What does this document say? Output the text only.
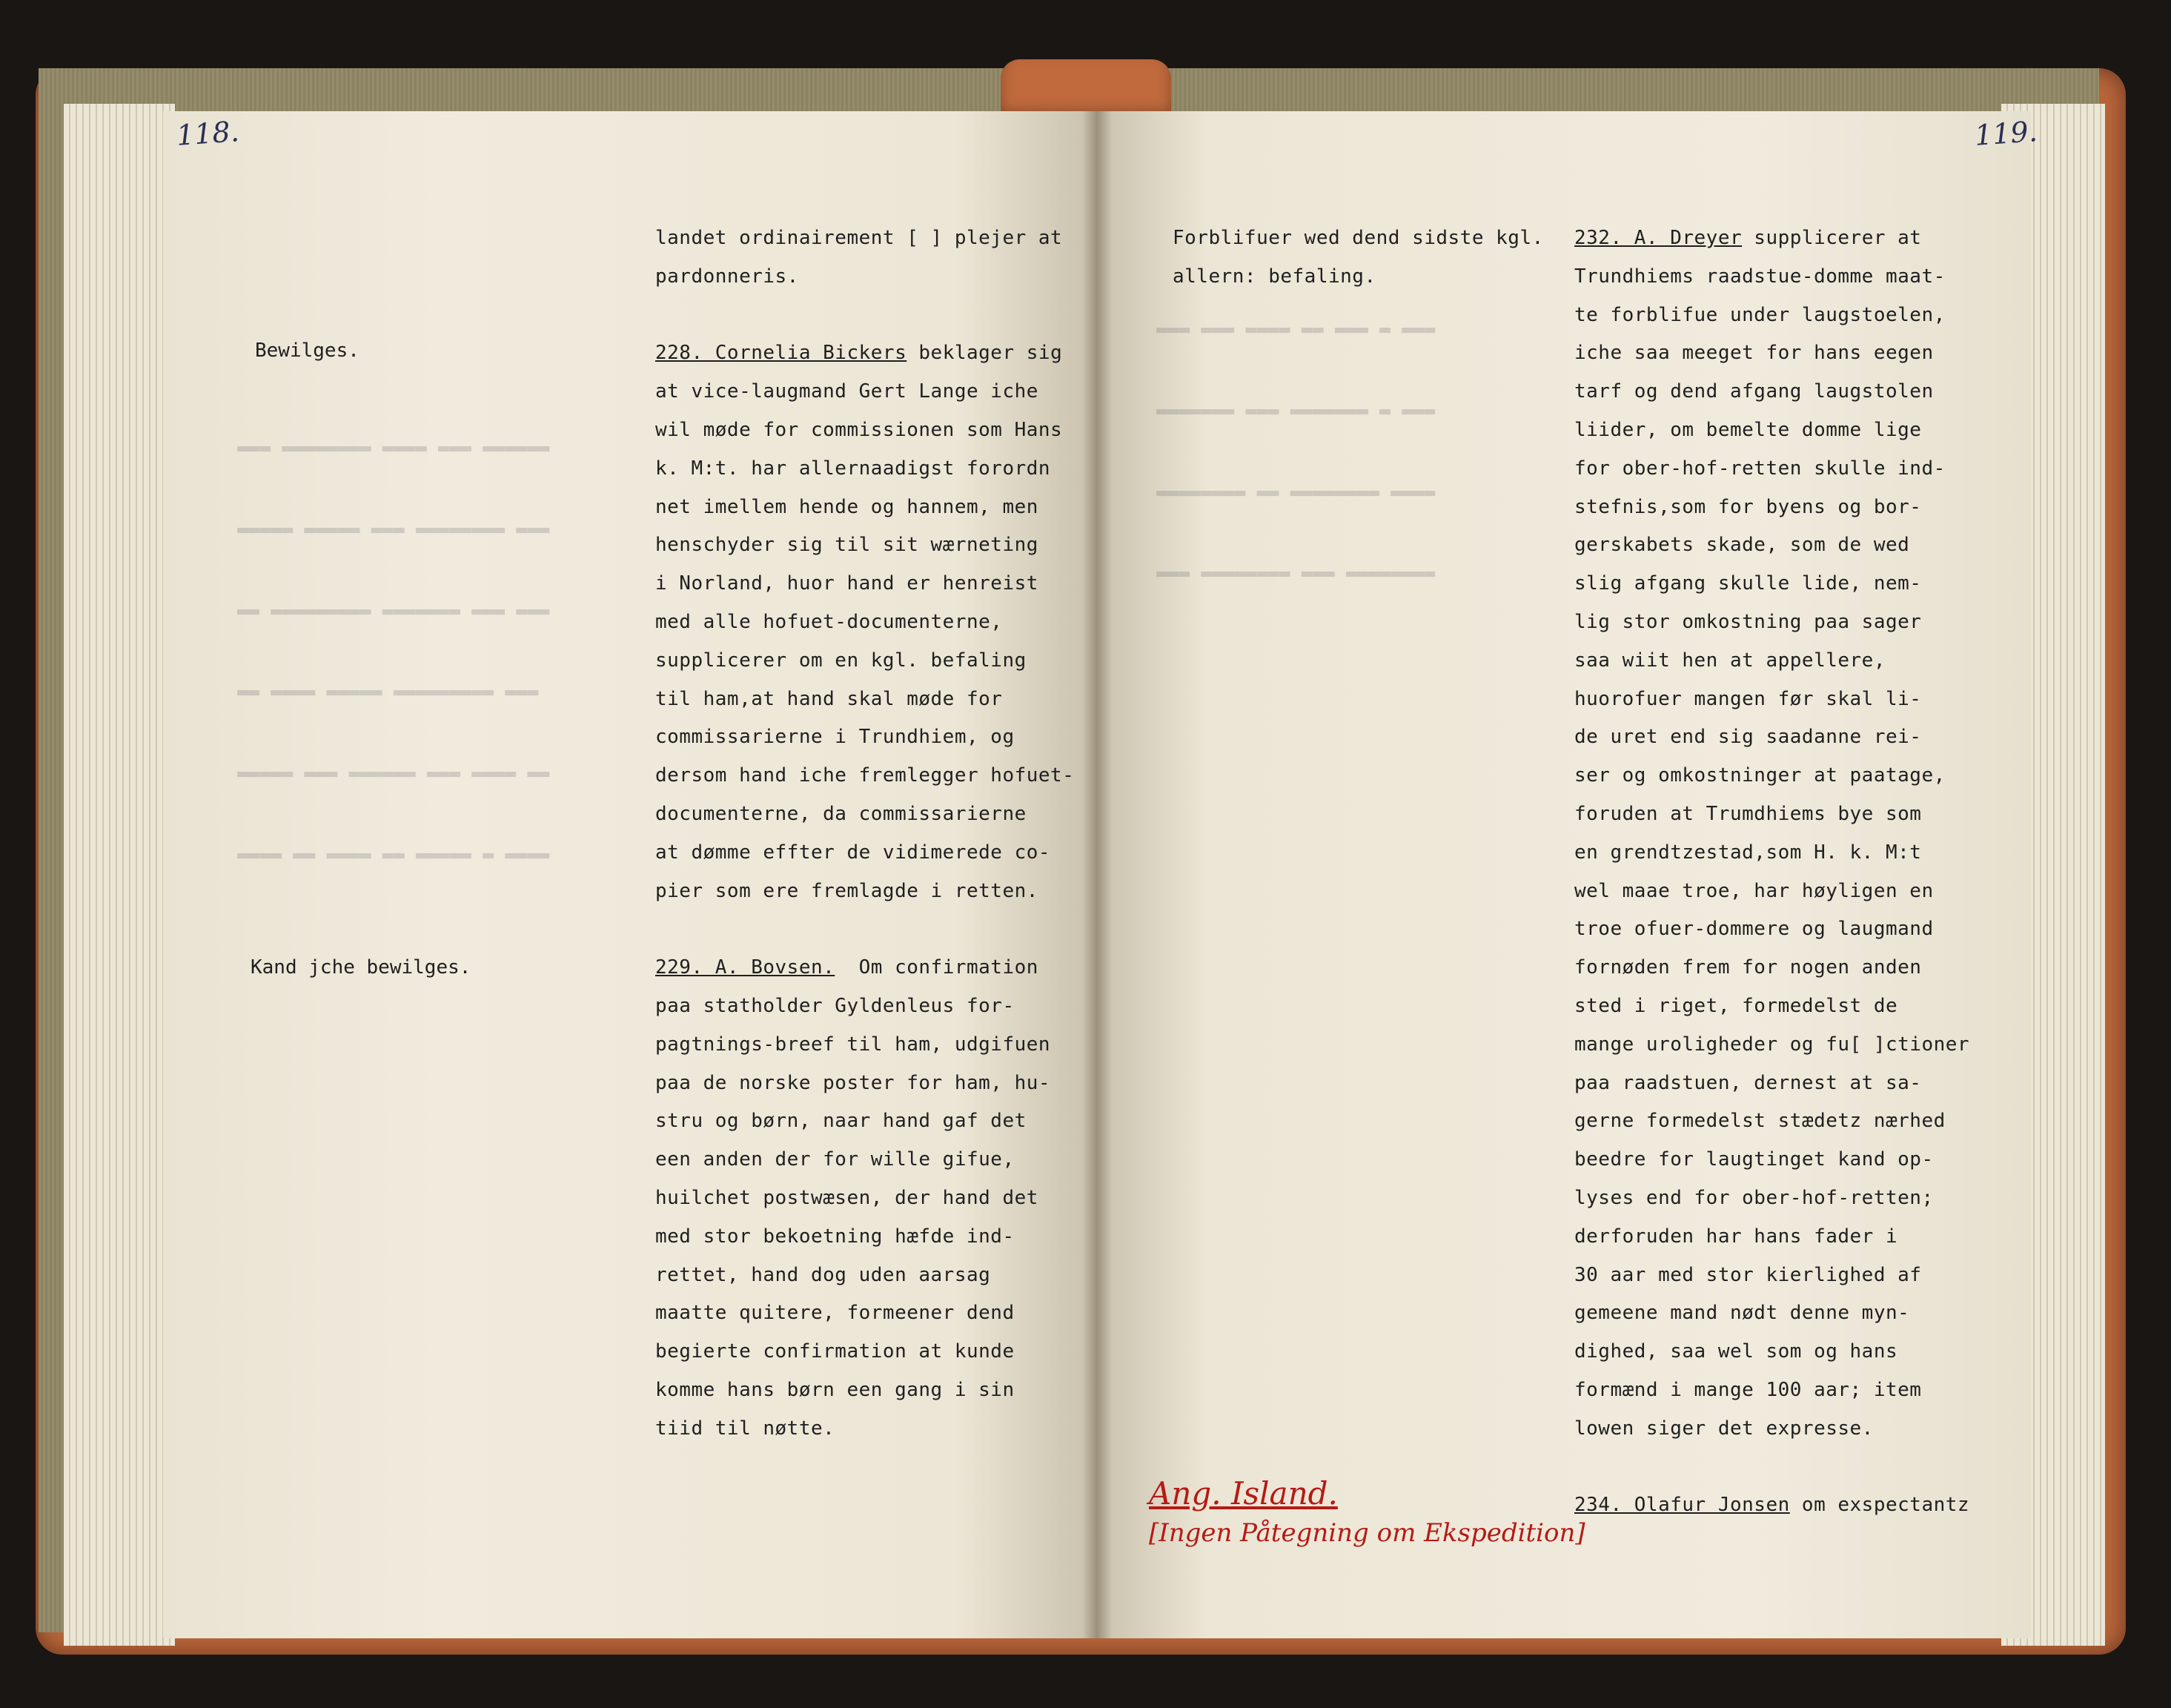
▬▬▬ ▬▬▬▬▬▬▬▬ ▬▬▬▬ ▬▬▬ ▬▬▬▬▬▬

▬▬▬▬▬ ▬▬▬▬▬ ▬▬▬ ▬▬▬▬▬▬▬▬ ▬▬▬

▬▬ ▬▬▬▬▬▬▬▬▬ ▬▬▬▬▬▬▬ ▬▬▬ ▬▬▬

▬▬ ▬▬▬▬ ▬▬▬▬▬ ▬▬▬▬▬▬▬▬▬ ▬▬▬

▬▬▬▬▬ ▬▬▬ ▬▬▬▬▬▬ ▬▬▬ ▬▬▬▬ ▬▬

▬▬▬▬ ▬▬ ▬▬▬▬ ▬▬ ▬▬▬▬▬ ▬ ▬▬▬▬

▬▬▬ ▬▬▬ ▬▬▬▬ ▬▬ ▬▬▬ ▬ ▬▬▬

▬▬▬▬▬▬▬ ▬▬▬ ▬▬▬▬▬▬▬ ▬ ▬▬▬

▬▬▬▬▬▬▬▬ ▬▬ ▬▬▬▬▬▬▬▬ ▬▬▬▬

▬▬▬ ▬▬▬▬▬▬▬▬ ▬▬▬ ▬▬▬▬▬▬▬▬

118.
Bewilges.
Kand jche bewilges.
landet ordinairement [ ] plejer at
pardonneris.
228. Cornelia Bickers beklager sig
at vice-laugmand Gert Lange iche
wil møde for commissionen som Hans
k. M:t. har allernaadigst forordn
net imellem hende og hannem, men
henschyder sig til sit wærneting
i Norland, huor hand er henreist
med alle hofuet-documenterne,
supplicerer om en kgl. befaling
til ham,at hand skal møde for
commissarierne i Trundhiem, og
dersom hand iche fremlegger hofuet-
documenterne, da commissarierne
at dømme effter de vidimerede co-
pier som ere fremlagde i retten.
229. A. Bovsen.  Om confirmation
paa statholder Gyldenleus for-
pagtnings-breef til ham, udgifuen
paa de norske poster for ham, hu-
stru og børn, naar hand gaf det
een anden der for wille gifue,
huilchet postwæsen, der hand det
med stor bekoetning hæfde ind-
rettet, hand dog uden aarsag
maatte quitere, formeener dend
begierte confirmation at kunde
komme hans børn een gang i sin
tiid til nøtte.
119.
Forblifuer wed dend sidste kgl.
allern: befaling.
232. A. Dreyer supplicerer at
Trundhiems raadstue-domme maat-
te forblifue under laugstoelen,
iche saa meeget for hans eegen
tarf og dend afgang laugstolen
liider, om bemelte domme lige
for ober-hof-retten skulle ind-
stefnis,som for byens og bor-
gerskabets skade, som de wed
slig afgang skulle lide, nem-
lig stor omkostning paa sager
saa wiit hen at appellere,
huorofuer mangen før skal li-
de uret end sig saadanne rei-
ser og omkostninger at paatage,
foruden at Trumdhiems bye som
en grendtzestad,som H. k. M:t
wel maae troe, har høyligen en
troe ofuer-dommere og laugmand
fornøden frem for nogen anden
sted i riget, formedelst de
mange uroligheder og fu[ ]ctioner
paa raadstuen, dernest at sa-
gerne formedelst stædetz nærhed
beedre for laugtinget kand op-
lyses end for ober-hof-retten;
derforuden har hans fader i
30 aar med stor kierlighed af
gemeene mand nødt denne myn-
dighed, saa wel som og hans
formænd i mange 100 aar; item
lowen siger det expresse.
234. Olafur Jonsen om exspectantz
Ang. Island.
[Ingen Påtegning om Ekspedition]
